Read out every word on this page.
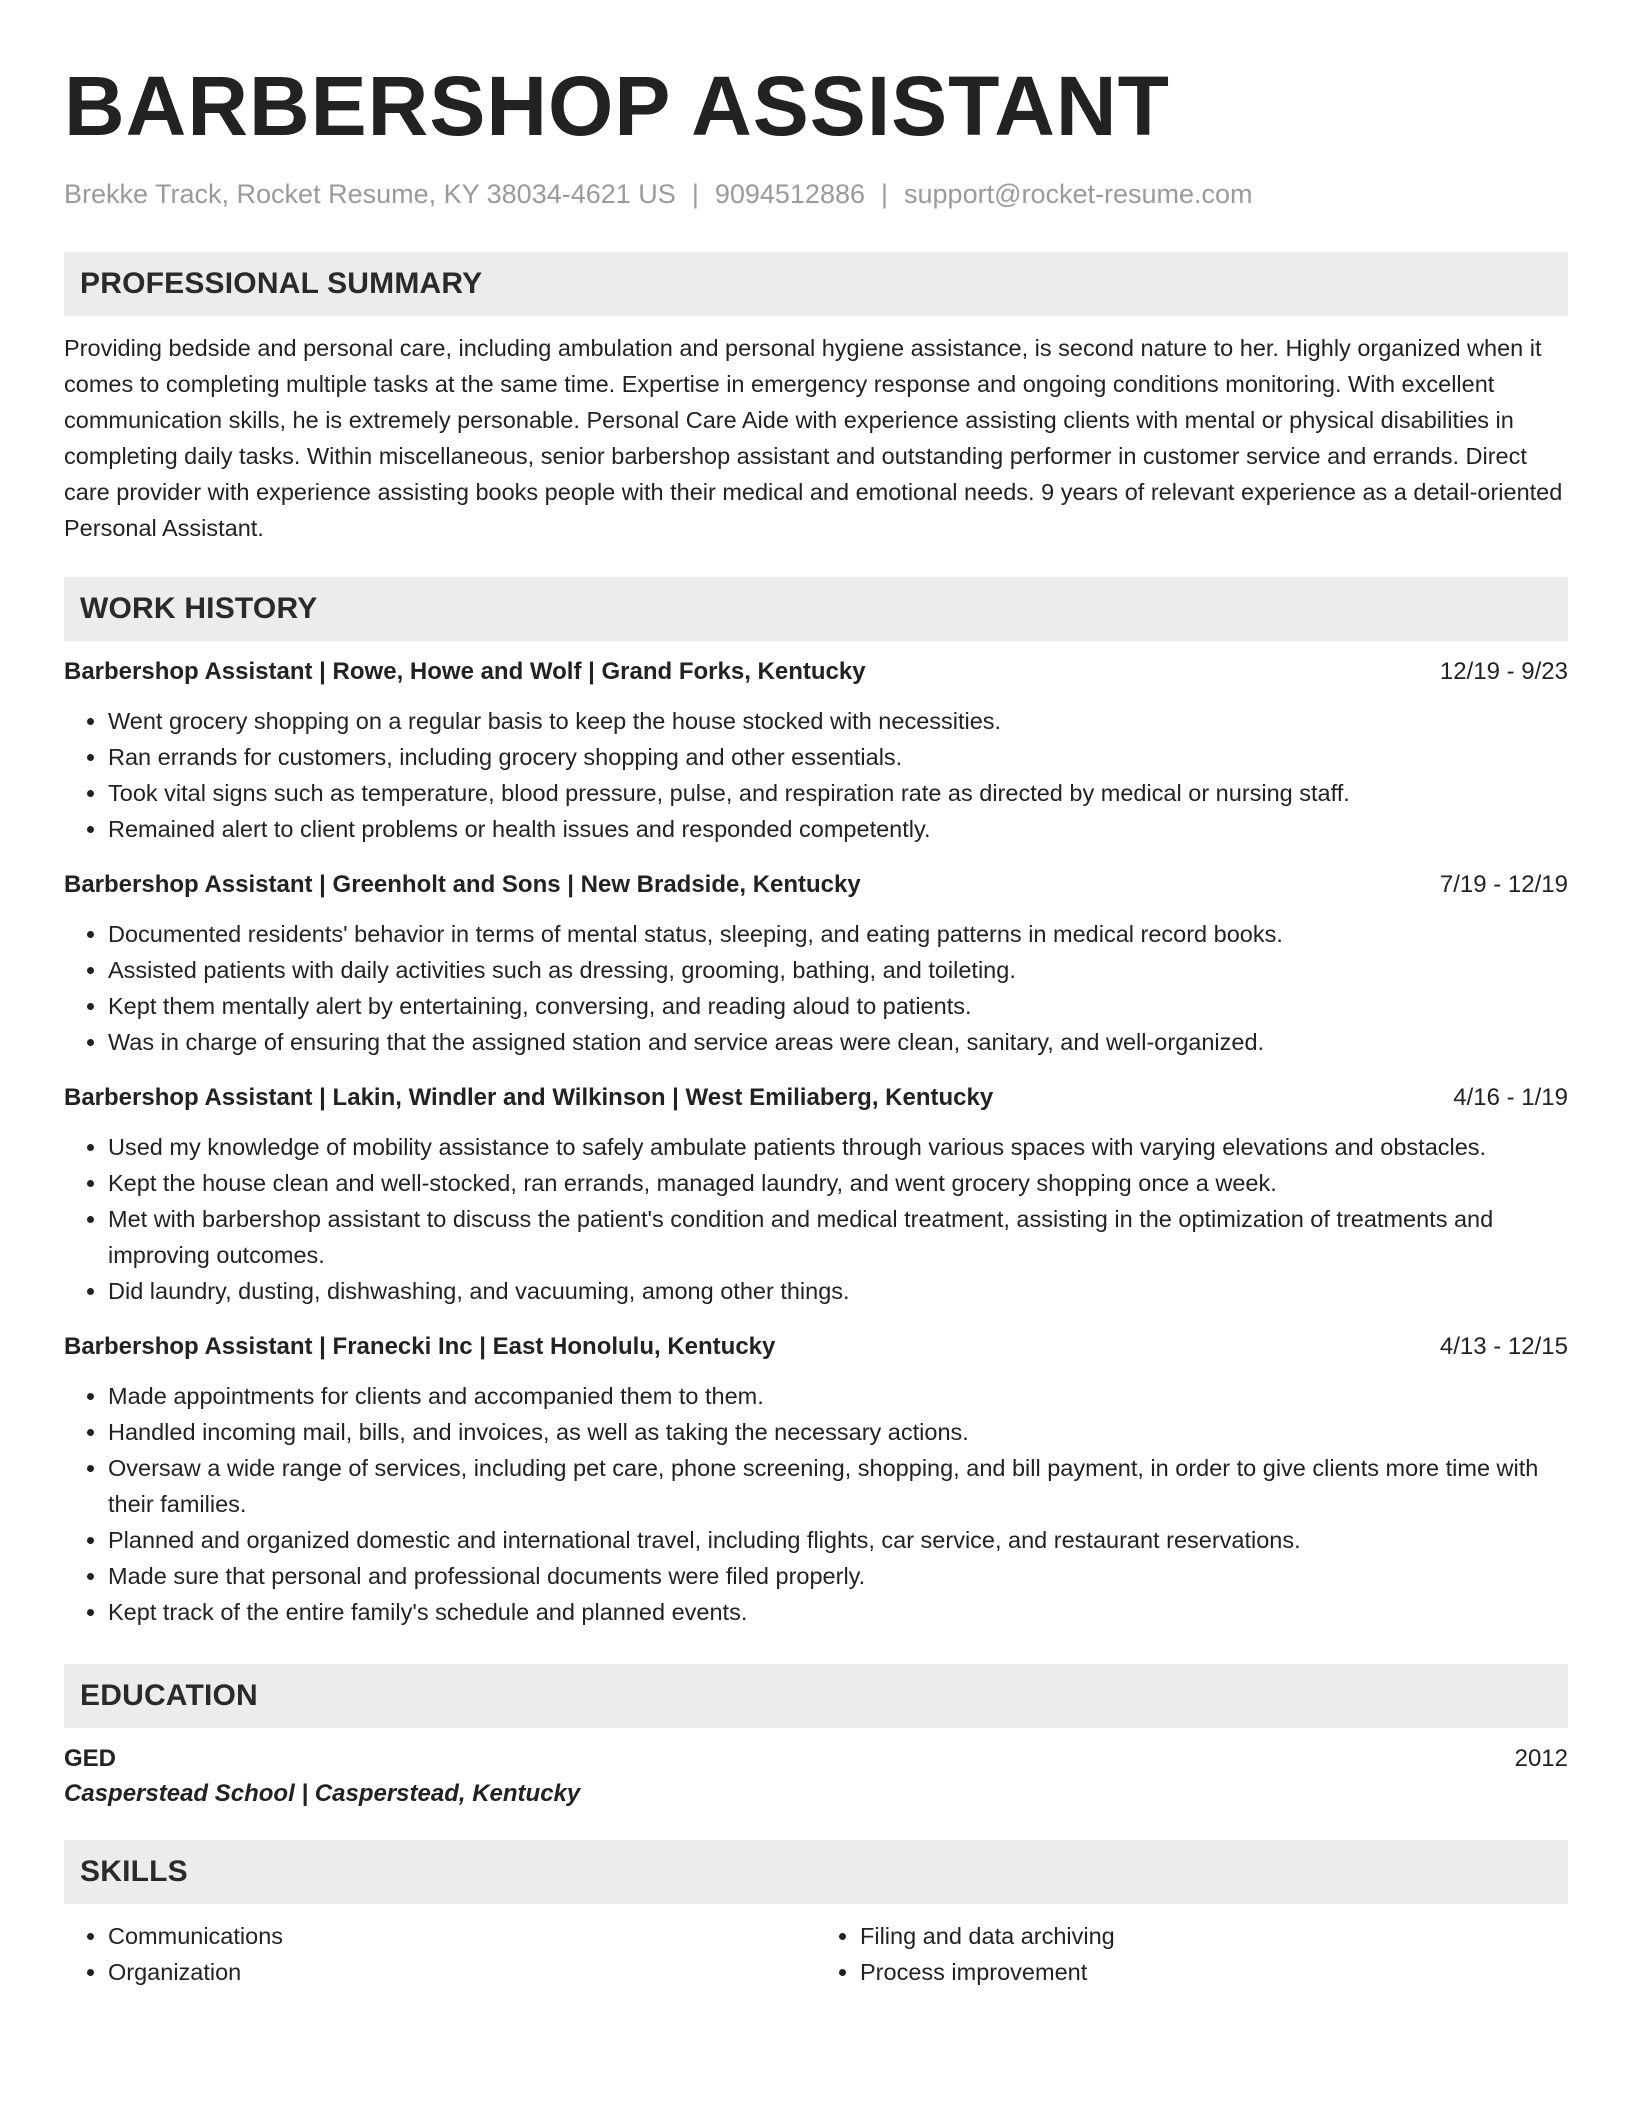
BARBERSHOP ASSISTANT
Brekke Track, Rocket Resume, KY 38034-4621 US | 9094512886 | support@rocket-resume.com
PROFESSIONAL SUMMARY

Providing bedside and personal care, including ambulation and personal hygiene assistance, is second nature to her. Highly organized when it comes to completing multiple tasks at the same time. Expertise in emergency response and ongoing conditions monitoring. With excellent communication skills, he is extremely personable. Personal Care Aide with experience assisting clients with mental or physical disabilities in completing daily tasks. Within miscellaneous, senior barbershop assistant and outstanding performer in customer service and errands. Direct care provider with experience assisting books people with their medical and emotional needs. 9 years of relevant experience as a detail-oriented Personal Assistant.

WORK HISTORY
Barbershop Assistant | Rowe, Howe and Wolf | Grand Forks, Kentucky	12/19 - 9/23
• Went grocery shopping on a regular basis to keep the house stocked with necessities.
• Ran errands for customers, including grocery shopping and other essentials.
• Took vital signs such as temperature, blood pressure, pulse, and respiration rate as directed by medical or nursing staff.
• Remained alert to client problems or health issues and responded competently.
Barbershop Assistant | Greenholt and Sons | New Bradside, Kentucky	7/19 - 12/19
• Documented residents' behavior in terms of mental status, sleeping, and eating patterns in medical record books.
• Assisted patients with daily activities such as dressing, grooming, bathing, and toileting.
• Kept them mentally alert by entertaining, conversing, and reading aloud to patients.
• Was in charge of ensuring that the assigned station and service areas were clean, sanitary, and well-organized.
Barbershop Assistant | Lakin, Windler and Wilkinson | West Emiliaberg, Kentucky	4/16 - 1/19
• Used my knowledge of mobility assistance to safely ambulate patients through various spaces with varying elevations and obstacles.
• Kept the house clean and well-stocked, ran errands, managed laundry, and went grocery shopping once a week.
• Met with barbershop assistant to discuss the patient's condition and medical treatment, assisting in the optimization of treatments and improving outcomes.
• Did laundry, dusting, dishwashing, and vacuuming, among other things.
Barbershop Assistant | Franecki Inc | East Honolulu, Kentucky	4/13 - 12/15
• Made appointments for clients and accompanied them to them.
• Handled incoming mail, bills, and invoices, as well as taking the necessary actions.
• Oversaw a wide range of services, including pet care, phone screening, shopping, and bill payment, in order to give clients more time with their families.
• Planned and organized domestic and international travel, including flights, car service, and restaurant reservations.
• Made sure that personal and professional documents were filed properly.
• Kept track of the entire family's schedule and planned events.
EDUCATION
GED	2012
Casperstead School | Casperstead, Kentucky
SKILLS
• Communications
• Organization
• Filing and data archiving
• Process improvement
